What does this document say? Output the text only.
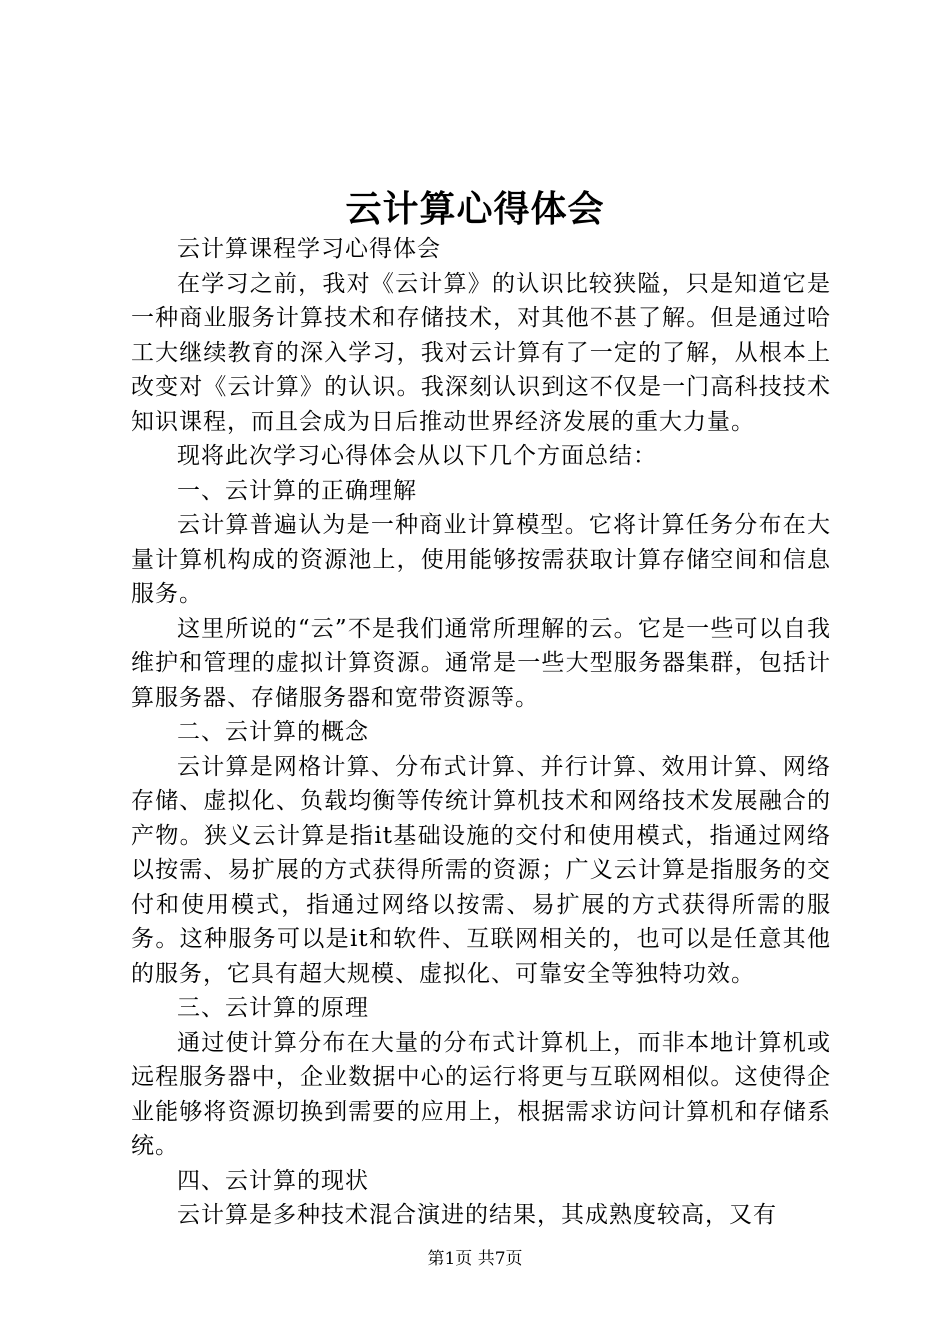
云计算心得体会

云计算课程学习心得体会

在学习之前，我对《云计算》的认识比较狭隘，只是知道它是一种商业服务计算技术和存储技术，对其他不甚了解。但是通过哈工大继续教育的深入学习，我对云计算有了一定的了解，从根本上改变对《云计算》的认识。我深刻认识到这不仅是一门高科技技术知识课程，而且会成为日后推动世界经济发展的重大力量。

现将此次学习心得体会从以下几个方面总结：

一、云计算的正确理解

云计算普遍认为是一种商业计算模型。它将计算任务分布在大量计算机构成的资源池上，使用能够按需获取计算存储空间和信息服务。

这里所说的“云”不是我们通常所理解的云。它是一些可以自我维护和管理的虚拟计算资源。通常是一些大型服务器集群，包括计算服务器、存储服务器和宽带资源等。

二、云计算的概念

云计算是网格计算、分布式计算、并行计算、效用计算、网络存储、虚拟化、负载均衡等传统计算机技术和网络技术发展融合的产物。狭义云计算是指it基础设施的交付和使用模式，指通过网络以按需、易扩展的方式获得所需的资源；广义云计算是指服务的交付和使用模式，指通过网络以按需、易扩展的方式获得所需的服务。这种服务可以是it和软件、互联网相关的，也可以是任意其他的服务，它具有超大规模、虚拟化、可靠安全等独特功效。

三、云计算的原理

通过使计算分布在大量的分布式计算机上，而非本地计算机或远程服务器中，企业数据中心的运行将更与互联网相似。这使得企业能够将资源切换到需要的应用上，根据需求访问计算机和存储系统。

四、云计算的现状

云计算是多种技术混合演进的结果，其成熟度较高，又有

第1页 共7页
